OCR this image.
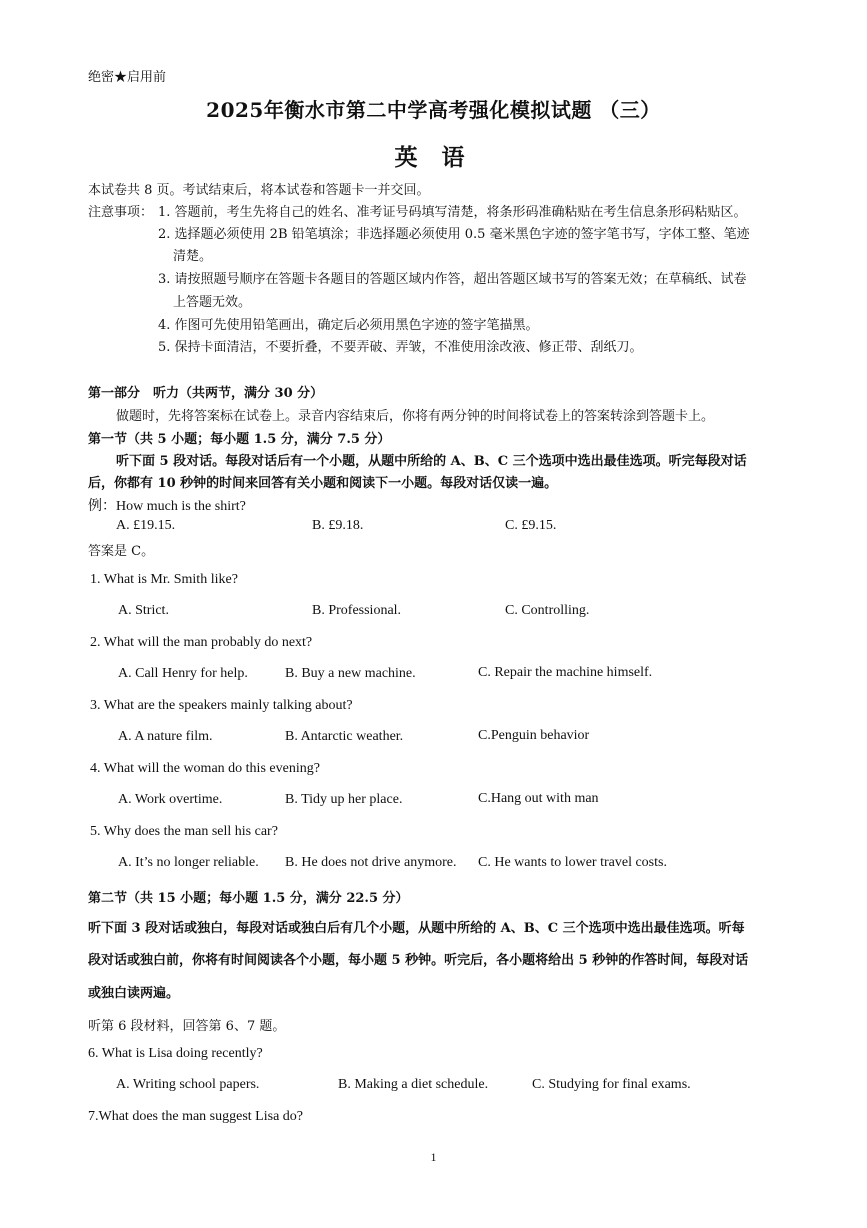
绝密★启用前
2025年衡水市第二中学高考强化模拟试题 （三）
英 语
本试卷共 8 页。考试结束后，将本试卷和答题卡一并交回。
注意事项： 1. 答题前，考生先将自己的姓名、准考证号码填写清楚，将条形码准确粘贴在考生信息条形码粘贴区。
2. 选择题必须使用 2B 铅笔填涂；非选择题必须使用 0.5 毫米黑色字迹的签字笔书写，字体工整、笔迹
清楚。
3. 请按照题号顺序在答题卡各题目的答题区域内作答，超出答题区域书写的答案无效；在草稿纸、试卷
上答题无效。
4. 作图可先使用铅笔画出，确定后必须用黑色字迹的签字笔描黑。
5. 保持卡面清洁，不要折叠，不要弄破、弄皱，不准使用涂改液、修正带、刮纸刀。
第一部分　听力（共两节，满分 30 分）
做题时，先将答案标在试卷上。录音内容结束后，你将有两分钟的时间将试卷上的答案转涂到答题卡上。
第一节（共 5 小题；每小题 1.5 分，满分 7.5 分）
听下面 5 段对话。每段对话后有一个小题，从题中所给的 A、B、C 三个选项中选出最佳选项。听完每段对话
后，你都有 10 秒钟的时间来回答有关小题和阅读下一小题。每段对话仅读一遍。
例：How much is the shirt?
A. £19.15.	B. £9.18.	C. £9.15.
答案是 C。
1. What is Mr. Smith like?
A. Strict.	B. Professional.	C. Controlling.
2. What will the man probably do next?
A. Call Henry for help.	B. Buy a new machine.	C. Repair the machine himself.
3. What are the speakers mainly talking about?
A. A nature film.	B. Antarctic weather.	C.Penguin behavior
4. What will the woman do this evening?
A. Work overtime.	B. Tidy up her place.	C.Hang out with man
5. Why does the man sell his car?
A. It’s no longer reliable. B. He does not drive anymore. C. He wants to lower travel costs.
第二节（共 15 小题；每小题 1.5 分，满分 22.5 分）
听下面 3 段对话或独白，每段对话或独白后有几个小题，从题中所给的 A、B、C 三个选项中选出最佳选项。听每
段对话或独白前，你将有时间阅读各个小题，每小题 5 秒钟。听完后，各小题将给出 5 秒钟的作答时间，每段对话
或独白读两遍。
听第 6 段材料，回答第 6、7 题。
6. What is Lisa doing recently?
A. Writing school papers.	B. Making a diet schedule.	C. Studying for final exams.
7.What does the man suggest Lisa do?
1
